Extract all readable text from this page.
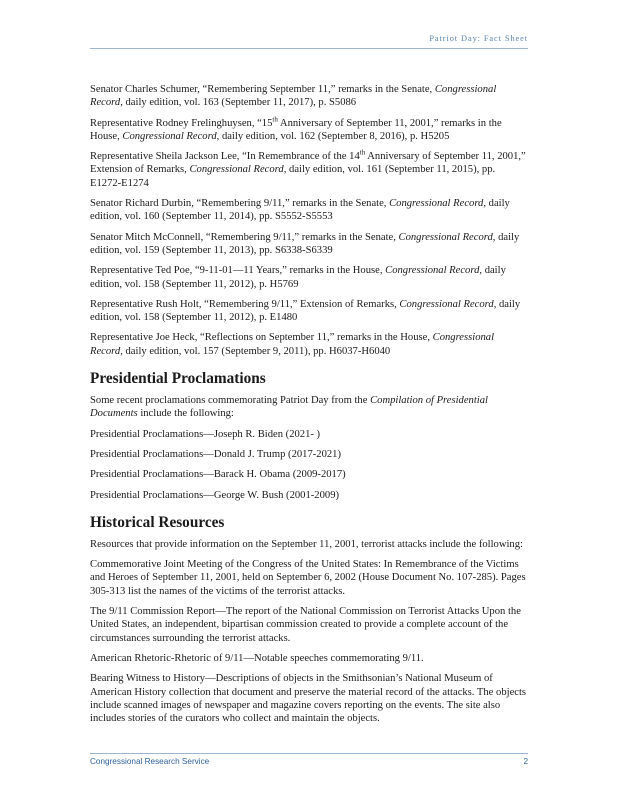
Patriot Day: Fact Sheet

Senator Charles Schumer, “Remembering September 11,” remarks in the Senate, Congressional Record, daily edition, vol. 163 (September 11, 2017), p. S5086

Representative Rodney Frelinghuysen, “15th Anniversary of September 11, 2001,” remarks in the House, Congressional Record, daily edition, vol. 162 (September 8, 2016), p. H5205

Representative Sheila Jackson Lee, “In Remembrance of the 14th Anniversary of September 11, 2001,” Extension of Remarks, Congressional Record, daily edition, vol. 161 (September 11, 2015), pp. E1272-E1274

Senator Richard Durbin, “Remembering 9/11,” remarks in the Senate, Congressional Record, daily edition, vol. 160 (September 11, 2014), pp. S5552-S5553

Senator Mitch McConnell, “Remembering 9/11,” remarks in the Senate, Congressional Record, daily edition, vol. 159 (September 11, 2013), pp. S6338-S6339

Representative Ted Poe, “9-11-01—11 Years,” remarks in the House, Congressional Record, daily edition, vol. 158 (September 11, 2012), p. H5769

Representative Rush Holt, “Remembering 9/11,” Extension of Remarks, Congressional Record, daily edition, vol. 158 (September 11, 2012), p. E1480

Representative Joe Heck, “Reflections on September 11,” remarks in the House, Congressional Record, daily edition, vol. 157 (September 9, 2011), pp. H6037-H6040

Presidential Proclamations

Some recent proclamations commemorating Patriot Day from the Compilation of Presidential Documents include the following:

Presidential Proclamations—Joseph R. Biden (2021- )

Presidential Proclamations—Donald J. Trump (2017-2021)

Presidential Proclamations—Barack H. Obama (2009-2017)

Presidential Proclamations—George W. Bush (2001-2009)

Historical Resources

Resources that provide information on the September 11, 2001, terrorist attacks include the following:

Commemorative Joint Meeting of the Congress of the United States: In Remembrance of the Victims and Heroes of September 11, 2001, held on September 6, 2002 (House Document No. 107-285). Pages 305-313 list the names of the victims of the terrorist attacks.

The 9/11 Commission Report—The report of the National Commission on Terrorist Attacks Upon the United States, an independent, bipartisan commission created to provide a complete account of the circumstances surrounding the terrorist attacks.

American Rhetoric-Rhetoric of 9/11—Notable speeches commemorating 9/11.

Bearing Witness to History—Descriptions of objects in the Smithsonian’s National Museum of American History collection that document and preserve the material record of the attacks. The objects include scanned images of newspaper and magazine covers reporting on the events. The site also includes stories of the curators who collect and maintain the objects.

Congressional Research Service	2
